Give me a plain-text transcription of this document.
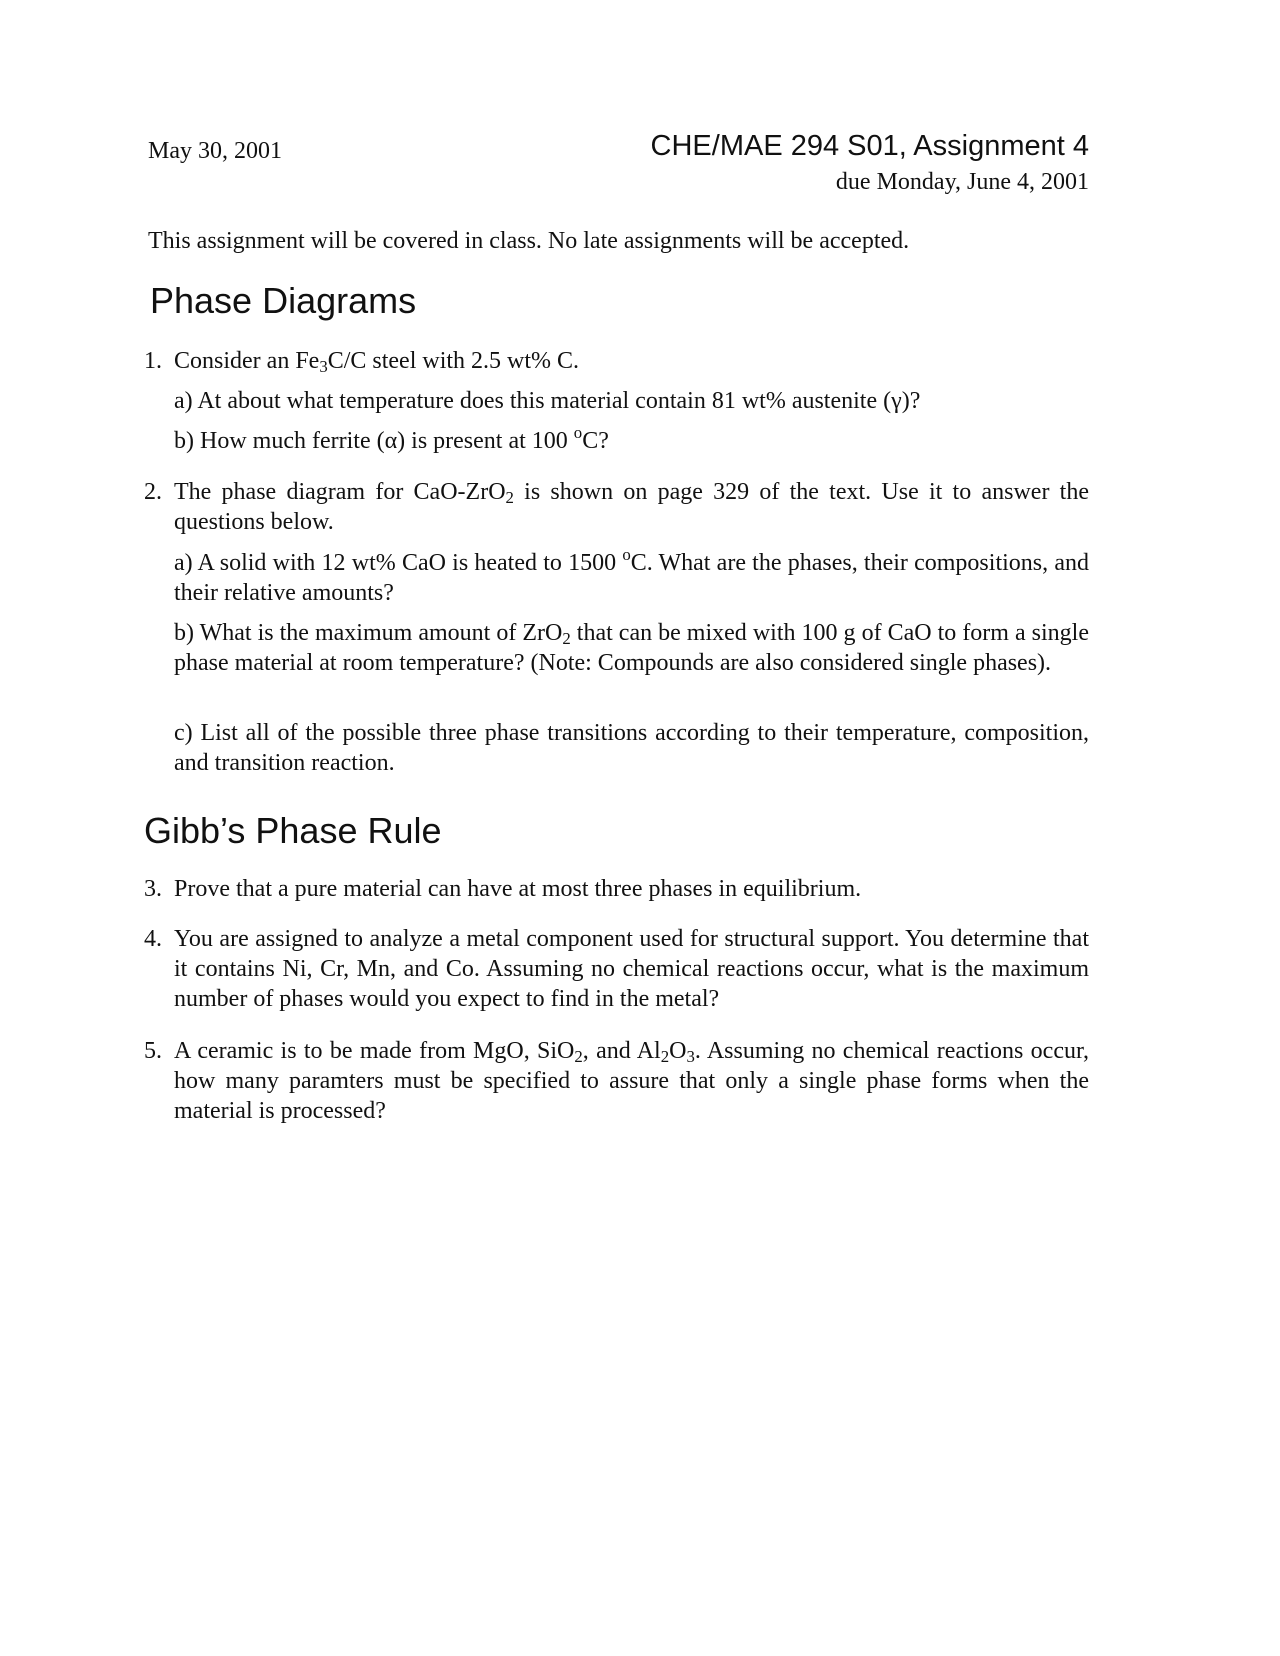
May 30, 2001	CHE/MAE 294 S01, Assignment 4
due Monday, June 4, 2001
This assignment will be covered in class. No late assignments will be accepted.
Phase Diagrams
1. Consider an $Fe_3C/C$ steel with 2.5 wt% C.
a) At about what temperature does this material contain 81 wt% austenite (γ)?
b) How much ferrite (α) is present at 100 $^o$C?
2. The phase diagram for CaO-ZrO$_2$ is shown on page 329 of the text. Use it to answer the questions below.
a) A solid with 12 wt% CaO is heated to 1500 $^o$C. What are the phases, their compositions, and their relative amounts?
b) What is the maximum amount of ZrO$_2$ that can be mixed with 100 g of CaO to form a single phase material at room temperature? (Note: Compounds are also considered single phases).
c) List all of the possible three phase transitions according to their temperature, composition, and transition reaction.
Gibb’s Phase Rule
3. Prove that a pure material can have at most three phases in equilibrium.
4. You are assigned to analyze a metal component used for structural support. You determine that it contains Ni, Cr, Mn, and Co. Assuming no chemical reactions occur, what is the maximum number of phases would you expect to find in the metal?
5. A ceramic is to be made from MgO, SiO$_2$, and $Al_2O_3$. Assuming no chemical reactions occur, how many paramters must be specified to assure that only a single phase forms when the material is processed?
